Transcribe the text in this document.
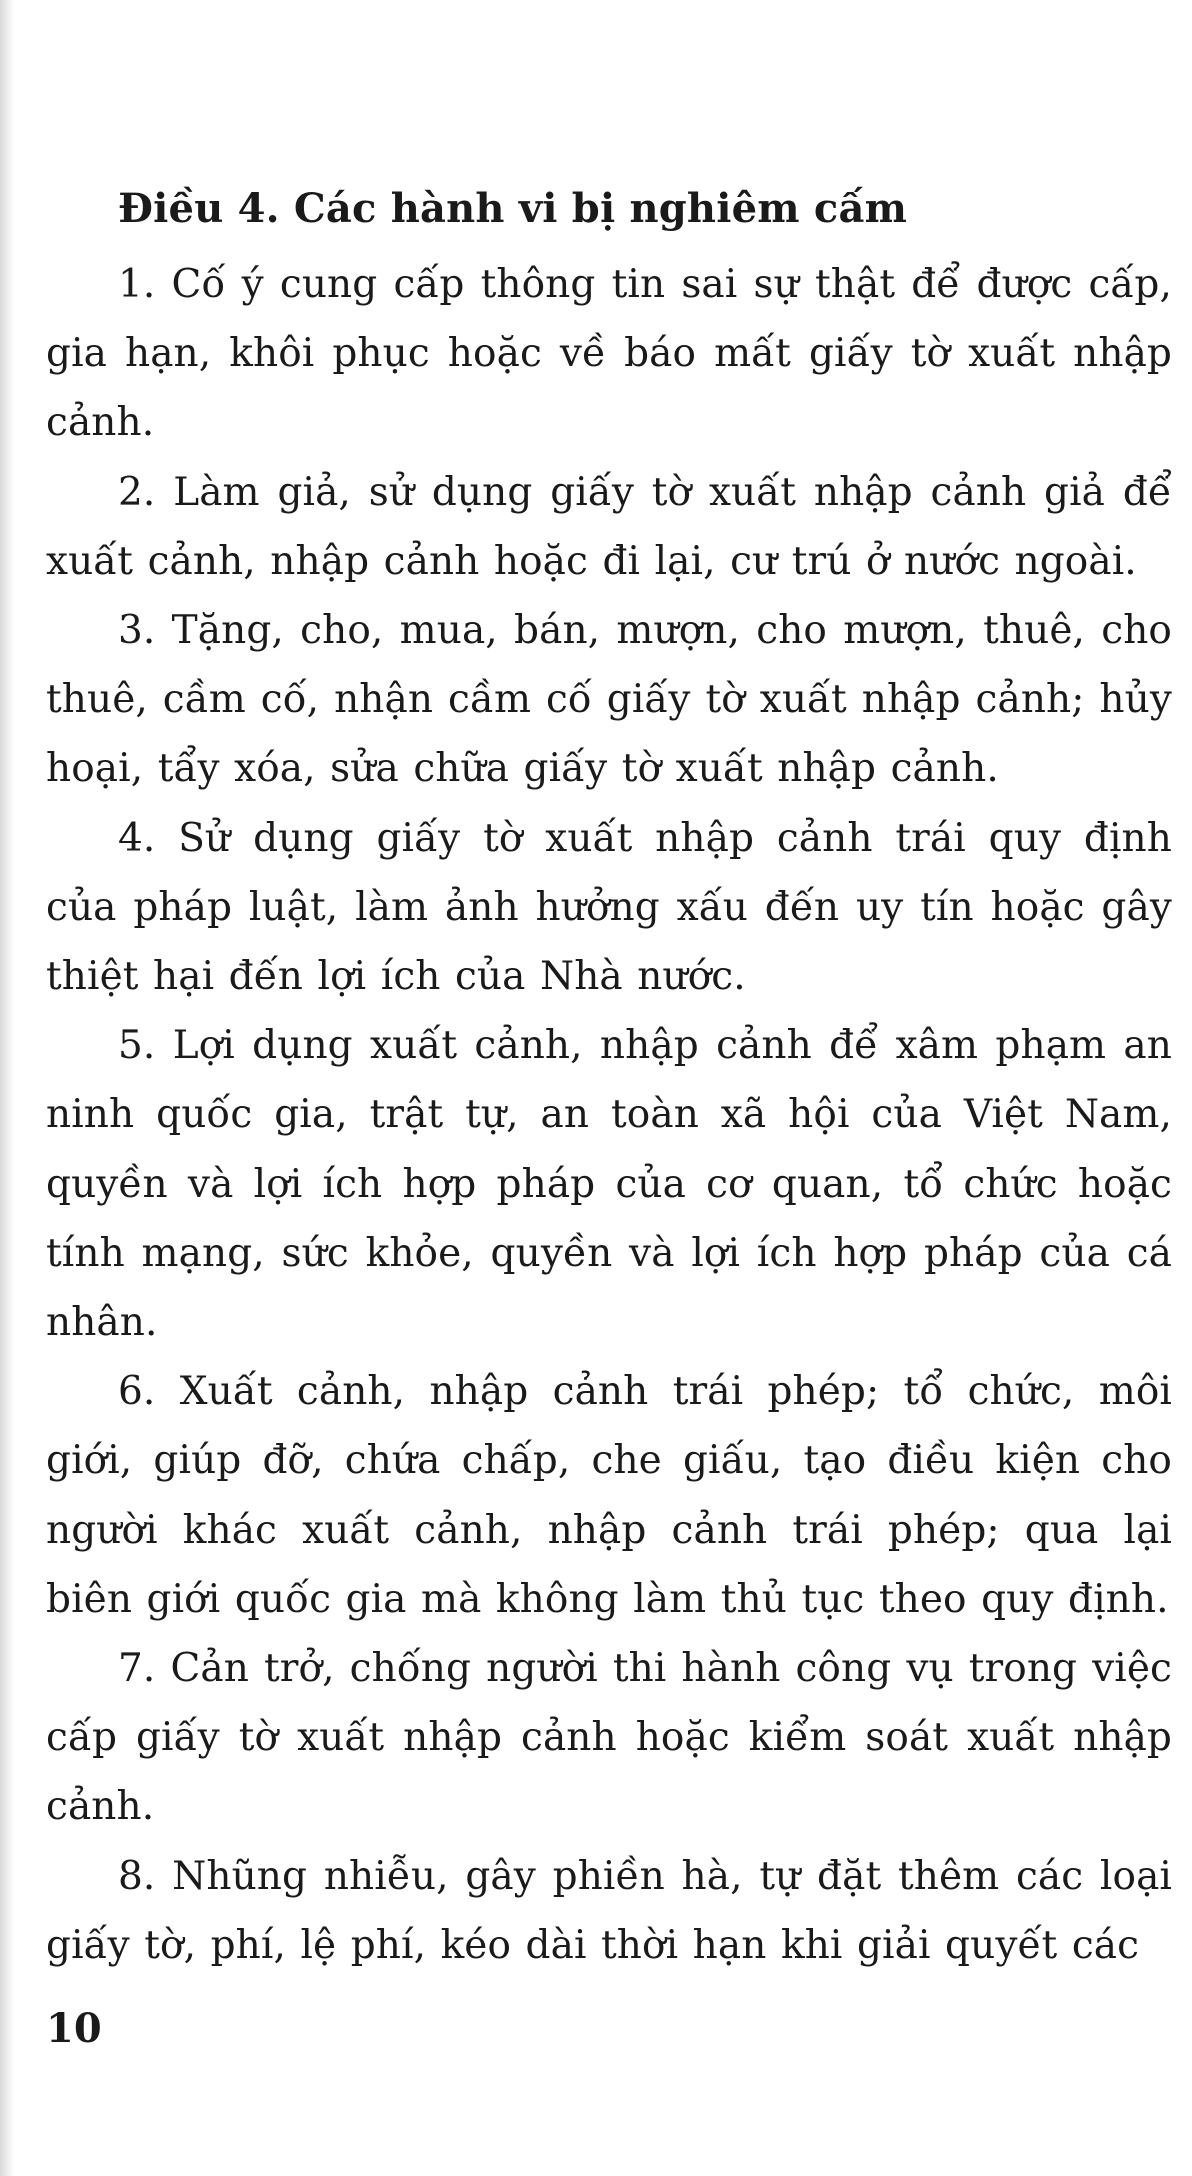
Điều 4. Các hành vi bị nghiêm cấm

1. Cố ý cung cấp thông tin sai sự thật để được cấp, gia hạn, khôi phục hoặc về báo mất giấy tờ xuất nhập cảnh.

2. Làm giả, sử dụng giấy tờ xuất nhập cảnh giả để xuất cảnh, nhập cảnh hoặc đi lại, cư trú ở nước ngoài.

3. Tặng, cho, mua, bán, mượn, cho mượn, thuê, cho thuê, cầm cố, nhận cầm cố giấy tờ xuất nhập cảnh; hủy hoại, tẩy xóa, sửa chữa giấy tờ xuất nhập cảnh.

4. Sử dụng giấy tờ xuất nhập cảnh trái quy định của pháp luật, làm ảnh hưởng xấu đến uy tín hoặc gây thiệt hại đến lợi ích của Nhà nước.

5. Lợi dụng xuất cảnh, nhập cảnh để xâm phạm an ninh quốc gia, trật tự, an toàn xã hội của Việt Nam, quyền và lợi ích hợp pháp của cơ quan, tổ chức hoặc tính mạng, sức khỏe, quyền và lợi ích hợp pháp của cá nhân.

6. Xuất cảnh, nhập cảnh trái phép; tổ chức, môi giới, giúp đỡ, chứa chấp, che giấu, tạo điều kiện cho người khác xuất cảnh, nhập cảnh trái phép; qua lại biên giới quốc gia mà không làm thủ tục theo quy định.

7. Cản trở, chống người thi hành công vụ trong việc cấp giấy tờ xuất nhập cảnh hoặc kiểm soát xuất nhập cảnh.

8. Nhũng nhiễu, gây phiền hà, tự đặt thêm các loại giấy tờ, phí, lệ phí, kéo dài thời hạn khi giải quyết các

10
